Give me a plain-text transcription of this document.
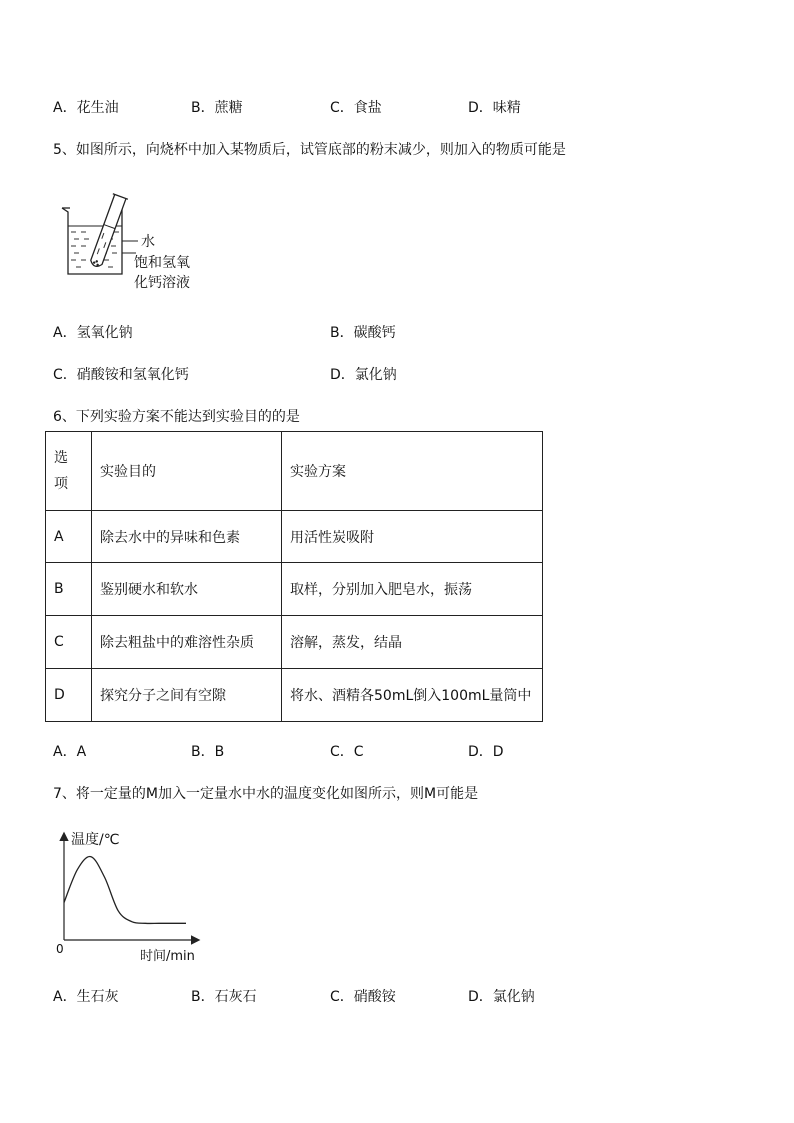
A．花生油	B．蔗糖	C．食盐	D．味精
5、如图所示，向烧杯中加入某物质后，试管底部的粉末减少，则加入的物质可能是
水
饱和氢氧
化钙溶液
A．氢氧化钠	B．碳酸钙
C．硝酸铵和氢氧化钙	D．氯化钠
6、下列实验方案不能达到实验目的的是
选
项	实验目的	实验方案
A	除去水中的异味和色素	用活性炭吸附
B	鉴别硬水和软水	取样，分别加入肥皂水，振荡
C	除去粗盐中的难溶性杂质	溶解，蒸发，结晶
D	探究分子之间有空隙	将水、酒精各50mL倒入100mL量筒中
A．A	B．B	C．C	D．D
7、将一定量的M加入一定量水中水的温度变化如图所示，则M可能是
温度/℃
0	时间/min
A．生石灰	B．石灰石	C．硝酸铵	D．氯化钠
